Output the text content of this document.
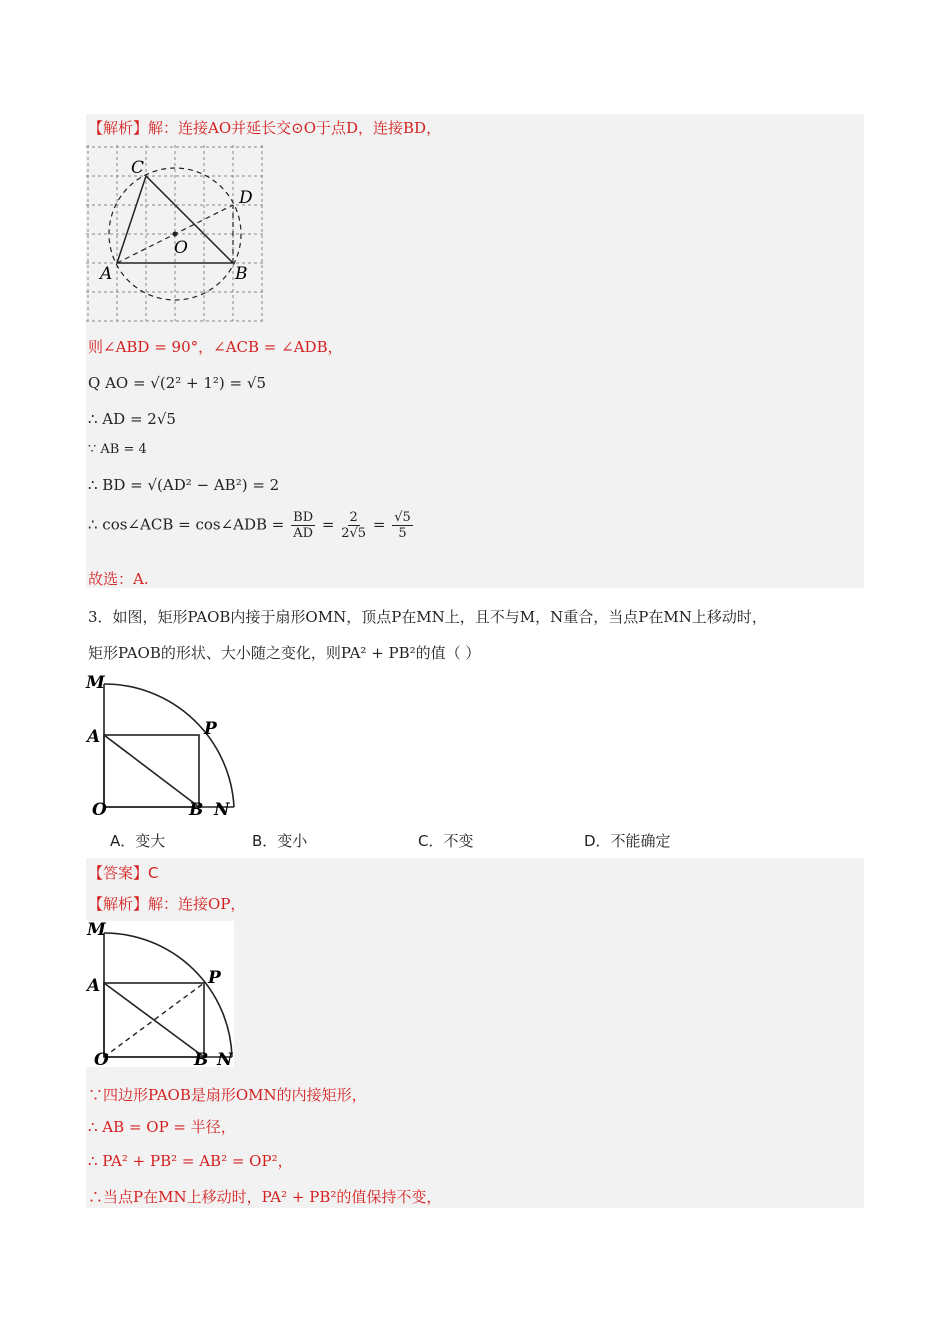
【解析】解：连接AO并延长交⊙O于点D，连接BD，
C
D
O
A	B
则∠ABD = 90°，∠ACB = ∠ADB，
Q AO = √(2² + 1²) = √5
∴ AD = 2√5
∵ AB = 4
∴ BD = √(AD² − AB²) = 2
∴ cos∠ACB = cos∠ADB = $\frac{BD}{AD} = \frac{2}{2√5} = \frac{√5}{5}$
故选：A.
3．如图，矩形PAOB内接于扇形OMN，顶点P在MN上，且不与M，N重合，当点P在MN上移动时，
矩形PAOB的形状、大小随之变化，则PA² + PB²的值（ ）
M
A	P
O	B N
A．变大	B．变小	C．不变	D．不能确定
【答案】C
【解析】解：连接OP，
M
A	P
O	B N
∵四边形PAOB是扇形OMN的内接矩形，
∴ AB = OP = 半径，
∴ PA² + PB² = AB² = OP²，
∴当点P在MN上移动时，PA² + PB²的值保持不变，
